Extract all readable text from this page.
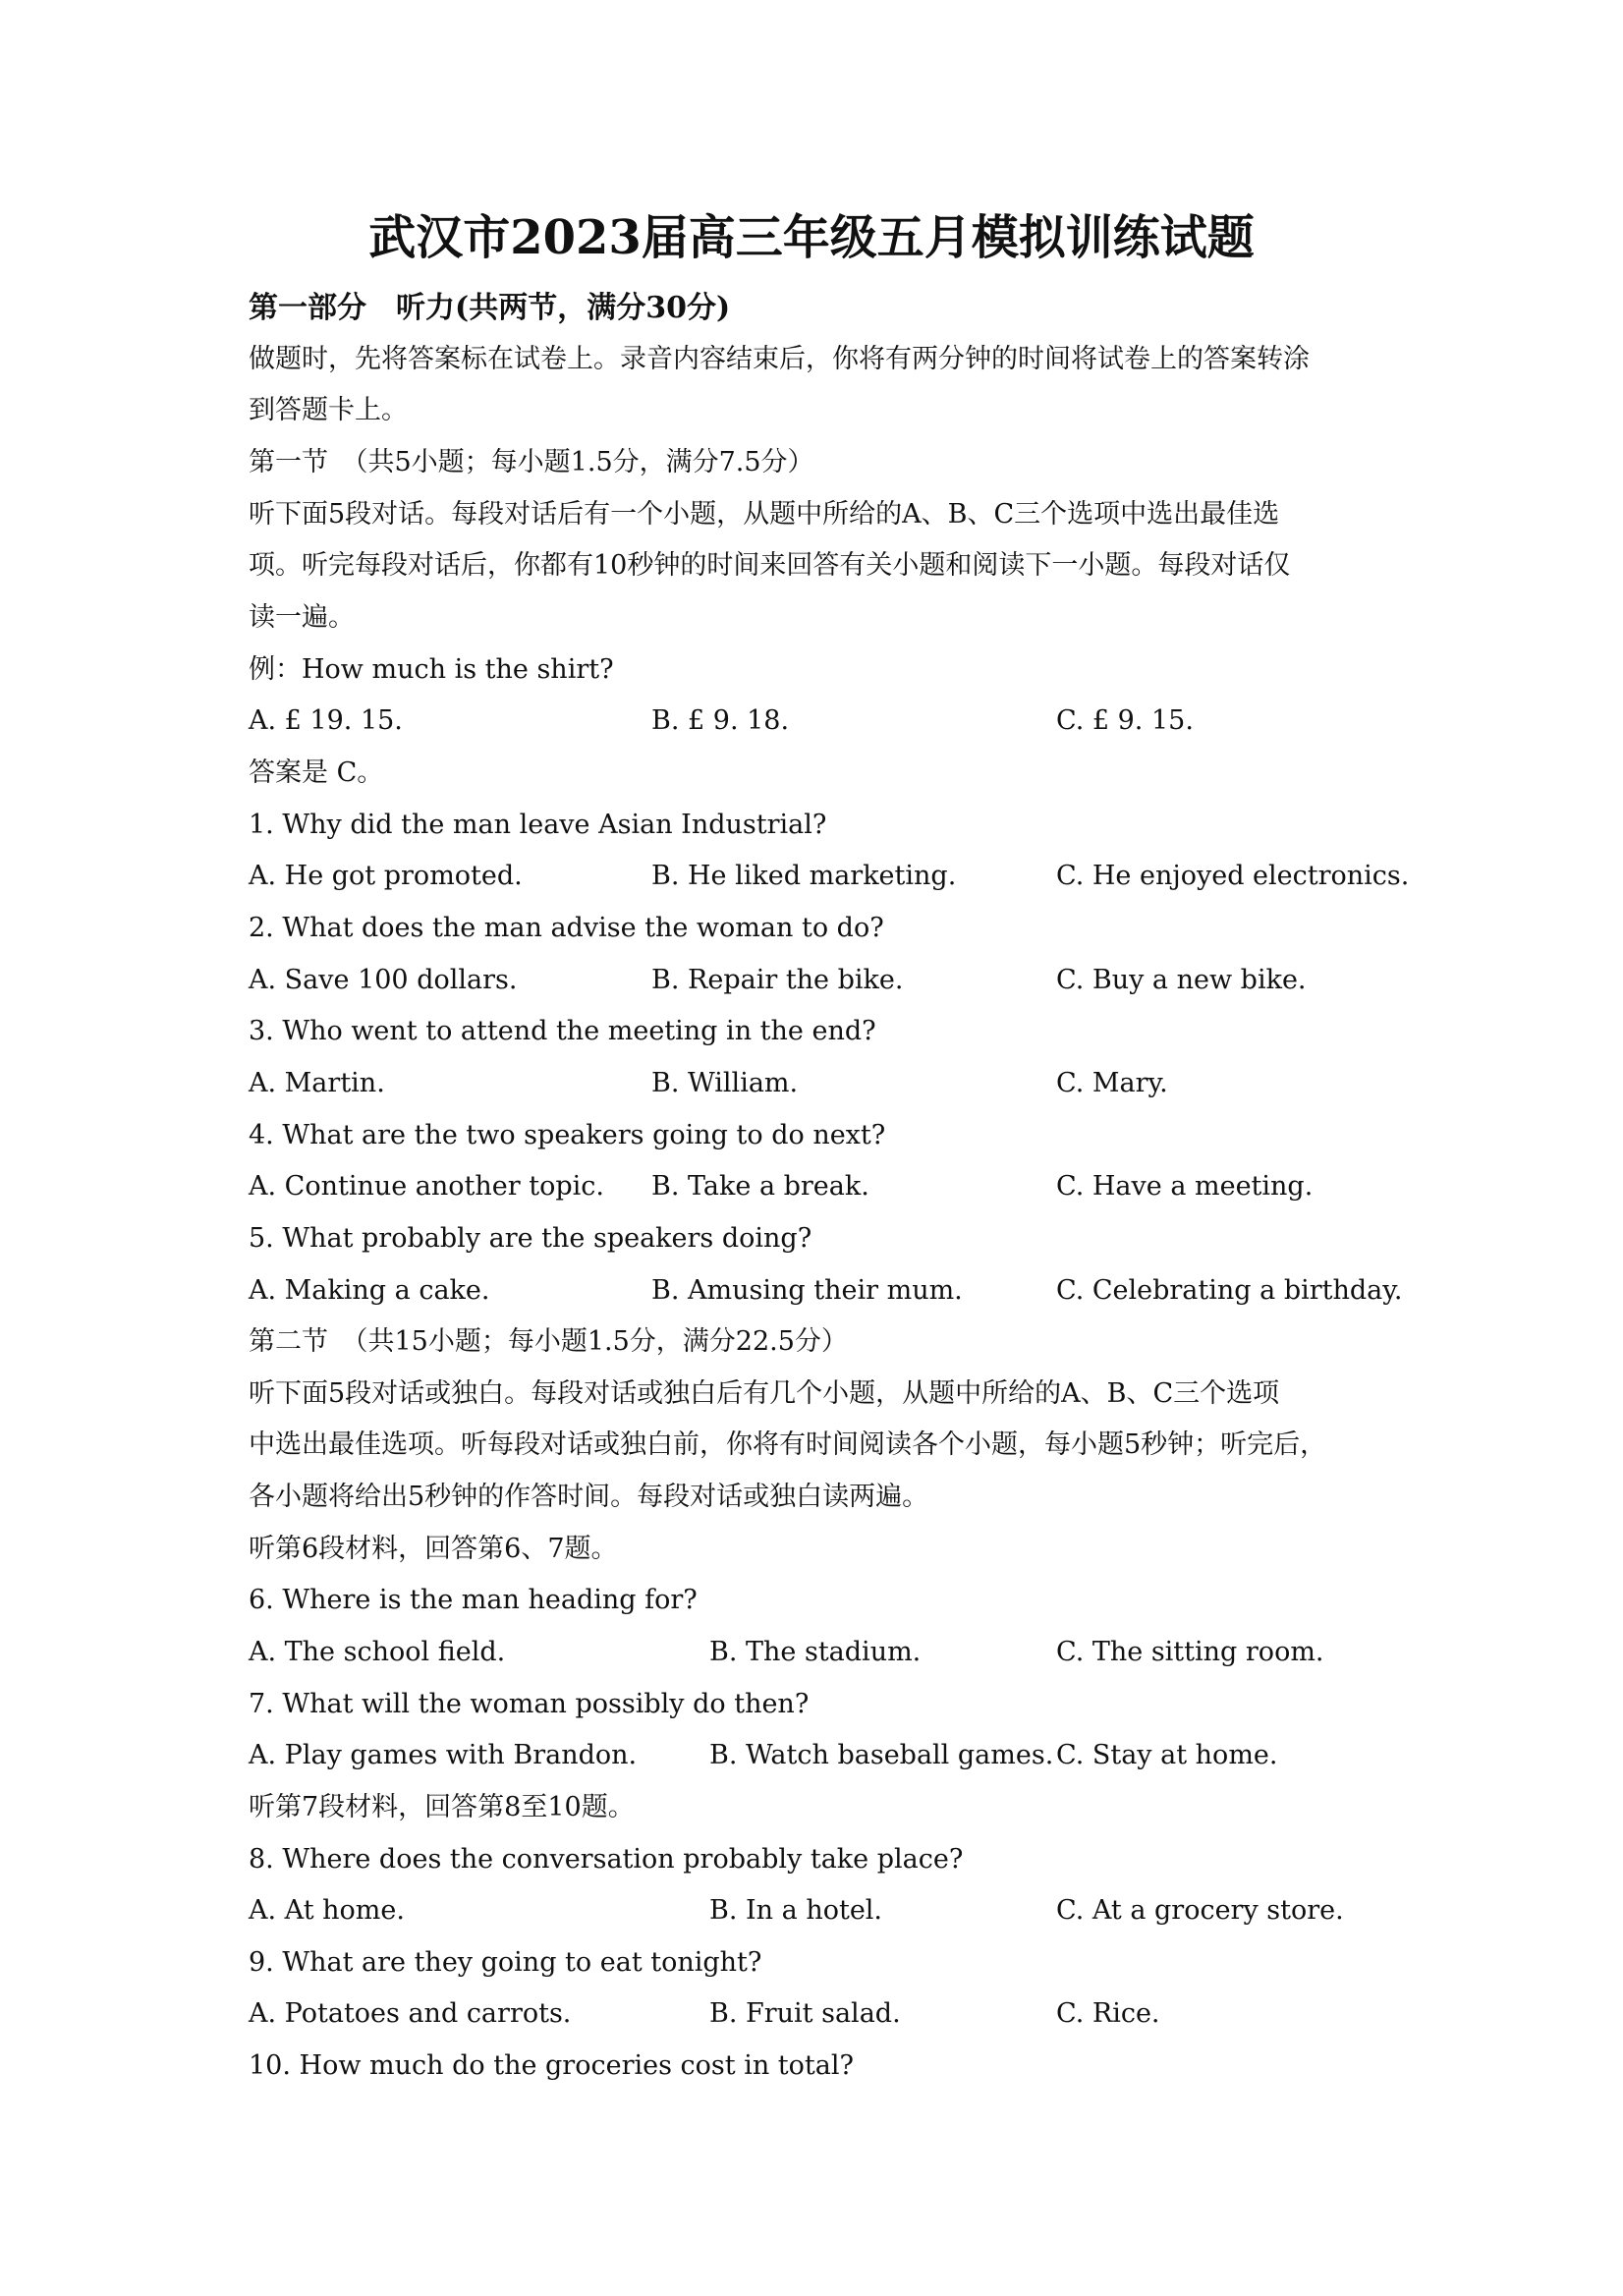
武汉市2023届高三年级五月模拟训练试题
第一部分　听力(共两节，满分30分)
做题时，先将答案标在试卷上。录音内容结束后，你将有两分钟的时间将试卷上的答案转涂
到答题卡上。
第一节　（共5小题；每小题1.5分，满分7.5分）
听下面5段对话。每段对话后有一个小题，从题中所给的A、B、C三个选项中选出最佳选
项。听完每段对话后，你都有10秒钟的时间来回答有关小题和阅读下一小题。每段对话仅
读一遍。
例：How much is the shirt?
A. £ 19. 15.	B. £ 9. 18.	C. £ 9. 15.
答案是 C。
1. Why did the man leave Asian Industrial?
A. He got promoted.	B. He liked marketing.	C. He enjoyed electronics.
2. What does the man advise the woman to do?
A. Save 100 dollars.	B. Repair the bike.	C. Buy a new bike.
3. Who went to attend the meeting in the end?
A. Martin.	B. William.	C. Mary.
4. What are the two speakers going to do next?
A. Continue another topic. B. Take a break.	C. Have a meeting.
5. What probably are the speakers doing?
A. Making a cake.	B. Amusing their mum.	C. Celebrating a birthday.
第二节　（共15小题；每小题1.5分，满分22.5分）
听下面5段对话或独白。每段对话或独白后有几个小题，从题中所给的A、B、C三个选项
中选出最佳选项。听每段对话或独白前，你将有时间阅读各个小题，每小题5秒钟；听完后，
各小题将给出5秒钟的作答时间。每段对话或独白读两遍。
听第6段材料，回答第6、7题。
6. Where is the man heading for?
A. The school field.	B. The stadium.	C. The sitting room.
7. What will the woman possibly do then?
A. Play games with Brandon.	B. Watch baseball games. C. Stay at home.
听第7段材料，回答第8至10题。
8. Where does the conversation probably take place?
A. At home.	B. In a hotel.	C. At a grocery store.
9. What are they going to eat tonight?
A. Potatoes and carrots.	B. Fruit salad.	C. Rice.
10. How much do the groceries cost in total?
